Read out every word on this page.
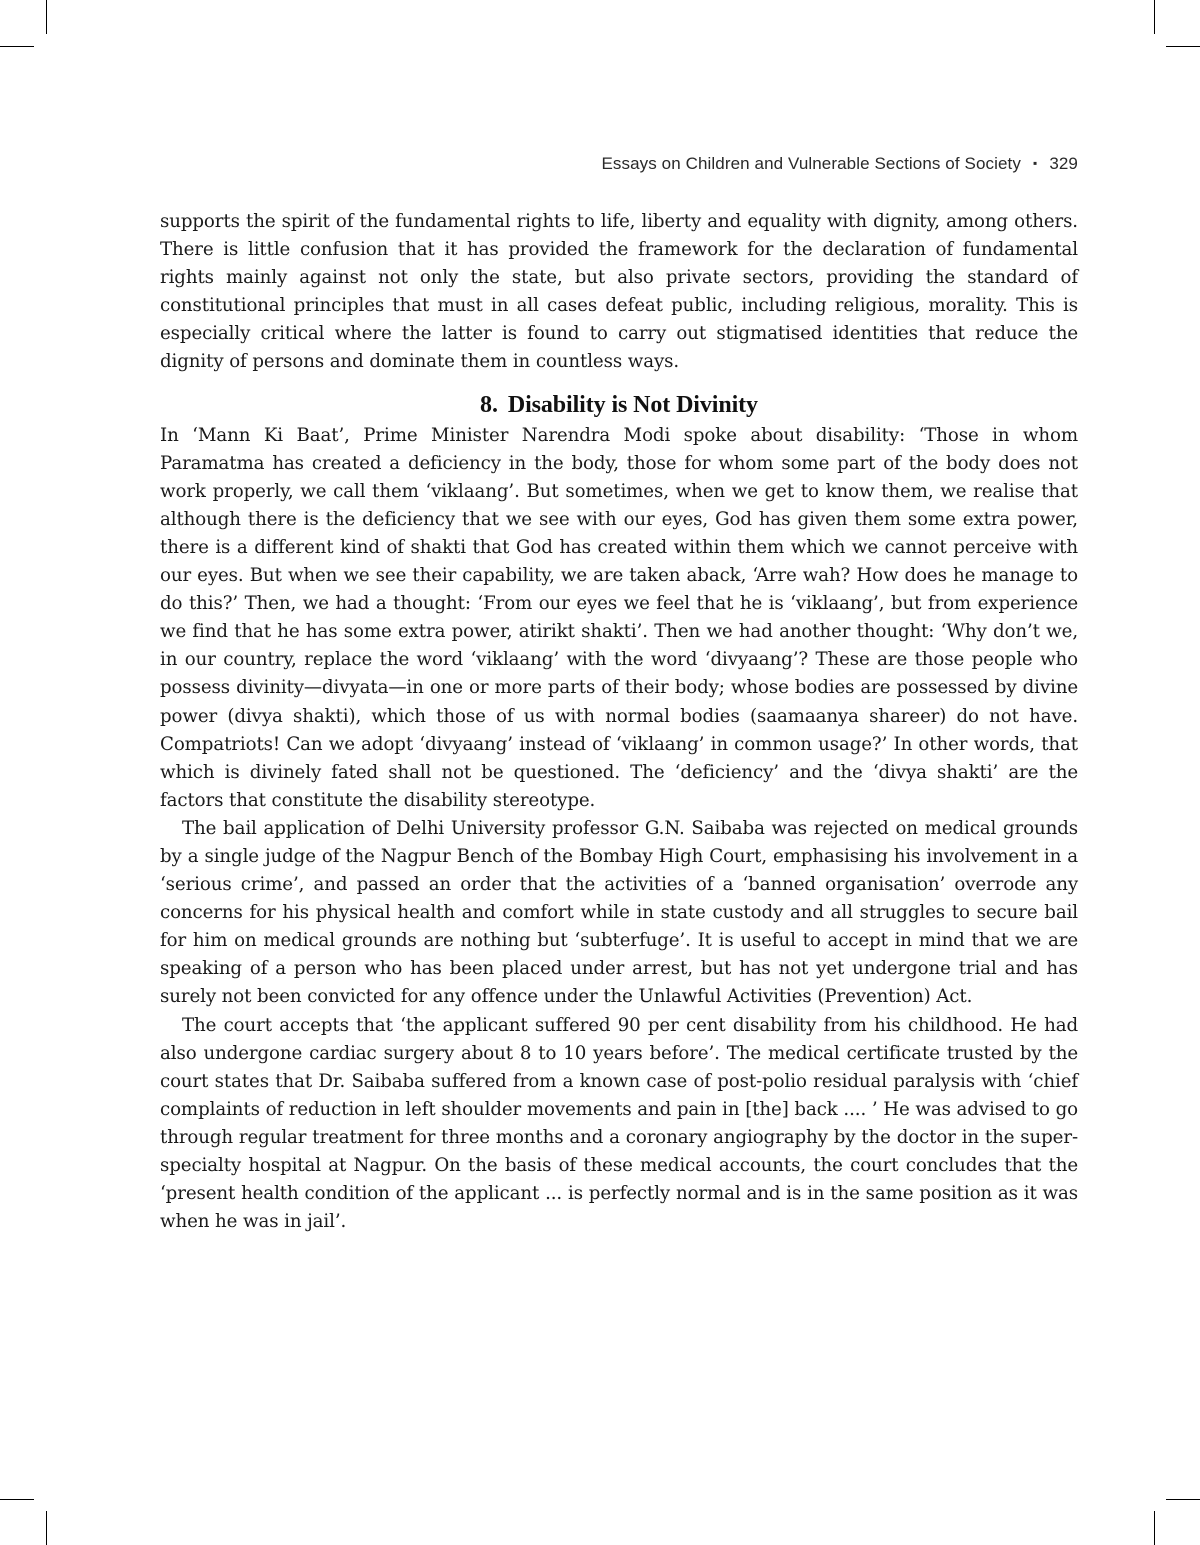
Essays on Children and Vulnerable Sections of Society ▪ 329

supports the spirit of the fundamental rights to life, liberty and equality with dignity, among others. There is little confusion that it has provided the framework for the declaration of fundamental rights mainly against not only the state, but also private sectors, providing the standard of constitutional principles that must in all cases defeat public, including religious, morality. This is especially critical where the latter is found to carry out stigmatised identities that reduce the dignity of persons and dominate them in countless ways.

8. Disability is Not Divinity

In ‘Mann Ki Baat’, Prime Minister Narendra Modi spoke about disability: ‘Those in whom Paramatma has created a deficiency in the body, those for whom some part of the body does not work properly, we call them ‘viklaang’. But sometimes, when we get to know them, we realise that although there is the deficiency that we see with our eyes, God has given them some extra power, there is a different kind of shakti that God has created within them which we cannot perceive with our eyes. But when we see their capability, we are taken aback, ‘Arre wah? How does he manage to do this?’ Then, we had a thought: ‘From our eyes we feel that he is ‘viklaang’, but from experience we find that he has some extra power, atirikt shakti’. Then we had another thought: ‘Why don’t we, in our country, replace the word ‘viklaang’ with the word ‘divyaang’? These are those people who possess divinity—divyata—in one or more parts of their body; whose bodies are possessed by divine power (divya shakti), which those of us with normal bodies (saamaanya shareer) do not have. Compatriots! Can we adopt ‘divyaang’ instead of ‘viklaang’ in common usage?’ In other words, that which is divinely fated shall not be questioned. The ‘deficiency’ and the ‘divya shakti’ are the factors that constitute the disability stereotype.

The bail application of Delhi University professor G.N. Saibaba was rejected on medical grounds by a single judge of the Nagpur Bench of the Bombay High Court, emphasising his involvement in a ‘serious crime’, and passed an order that the activities of a ‘banned organisation’ overrode any concerns for his physical health and comfort while in state custody and all struggles to secure bail for him on medical grounds are nothing but ‘subterfuge’. It is useful to accept in mind that we are speaking of a person who has been placed under arrest, but has not yet undergone trial and has surely not been convicted for any offence under the Unlawful Activities (Prevention) Act.

The court accepts that ‘the applicant suffered 90 per cent disability from his childhood. He had also undergone cardiac surgery about 8 to 10 years before’. The medical certificate trusted by the court states that Dr. Saibaba suffered from a known case of post-polio residual paralysis with ‘chief complaints of reduction in left shoulder movements and pain in [the] back .... ’ He was advised to go through regular treatment for three months and a coronary angiography by the doctor in the super-specialty hospital at Nagpur. On the basis of these medical accounts, the court concludes that the ‘present health condition of the applicant ... is perfectly normal and is in the same position as it was when he was in jail’.
